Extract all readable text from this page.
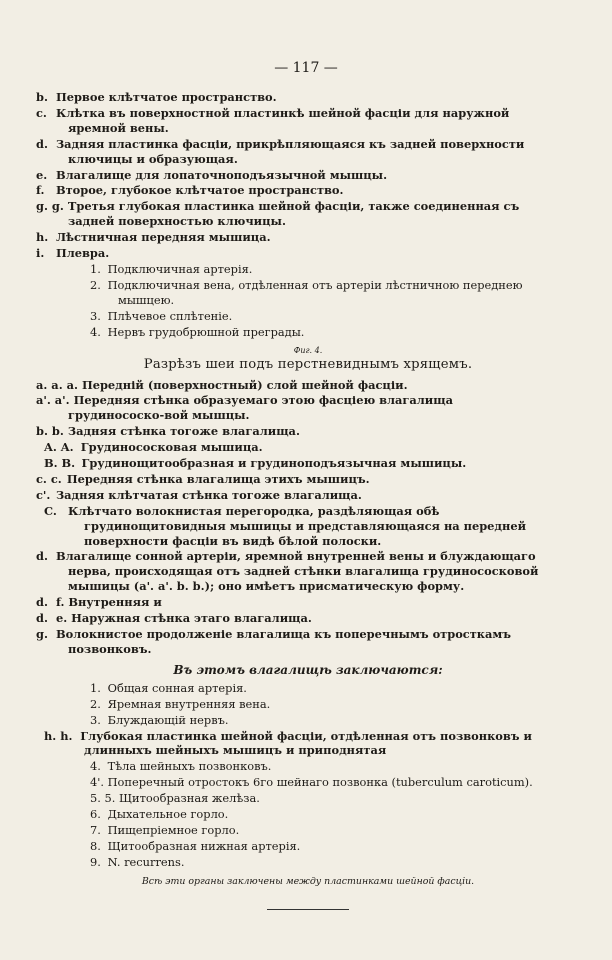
— 117 —
b. Первое клѣтчатое пространство.
c. Клѣтка въ поверхностной пластинкѣ шейной фасціи для наружной яремной вены.
d. Задняя пластинка фасціи, прикрѣпляющаяся къ задней поверхности ключицы и образующая.
e. Влагалище для лопаточноподъязычной мышцы.
f. Второе, глубокое клѣтчатое пространство.
g. g. Третья глубокая пластинка шейной фасціи, также соединенная съ задней поверхностью ключицы.
h. Лѣстничная передняя мышица.
i. Плевра.
1. Подключичная артерія.
2. Подключичная вена, отдѣленная отъ артеріи лѣстничною переднею мышцею.
3. Плѣчевое сплѣтеніе.
4. Нервъ грудобрюшной преграды.
Фиг. 4.
Разрѣзъ шеи подъ перстневиднымъ хрящемъ.
a. a. a. Передній (поверхностный) слой шейной фасціи.
a'. a'. Передняя стѣнка образуемаго этою фасціею влагалища грудинососко-вой мышцы.
b. b. Задняя стѣнка тогоже влагалища.
A. A. Грудинососковая мышица.
B. B. Грудинощитообразная и грудиноподъязычная мышицы.
c. c. Передняя стѣнка влагалища этихъ мышицъ.
c'. Задняя клѣтчатая стѣнка тогоже влагалища.
C. Клѣтчато волокнистая перегородка, раздѣляющая обѣ грудинощитовидныя мышицы и представляющаяся на передней поверхности фасціи въ видѣ бѣлой полоски.
d. Влагалище сонной артеріи, яремной внутренней вены и блуждающаго нерва, происходящая отъ задней стѣнки влагалища грудинососковой мышицы (a'. a'. b. b.); оно имѣетъ присматическую форму.
d. f. Внутренняя и
d. e. Наружная стѣнка этаго влагалища.
g. Волокнистое продолженіе влагалища къ поперечнымъ отросткамъ позвонковъ.
Въ этомъ влагалищѣ заключаются:
1. Общая сонная артерія.
2. Яремная внутренняя вена.
3. Блуждающій нервъ.
h. h. Глубокая пластинка шейной фасціи, отдѣленная отъ позвонковъ и длинныхъ шейныхъ мышицъ и приподнятая
4. Тѣла шейныхъ позвонковъ.
4'. Поперечный отростокъ 6го шейнаго позвонка (tuberculum caroticum).
5. 5. Щитообразная желѣза.
6. Дыхательное горло.
7. Пищепріемное горло.
8. Щитообразная нижная артерія.
9. N. recurrens.
Всѣ эти органы заключены между пластинками шейной фасціи.
